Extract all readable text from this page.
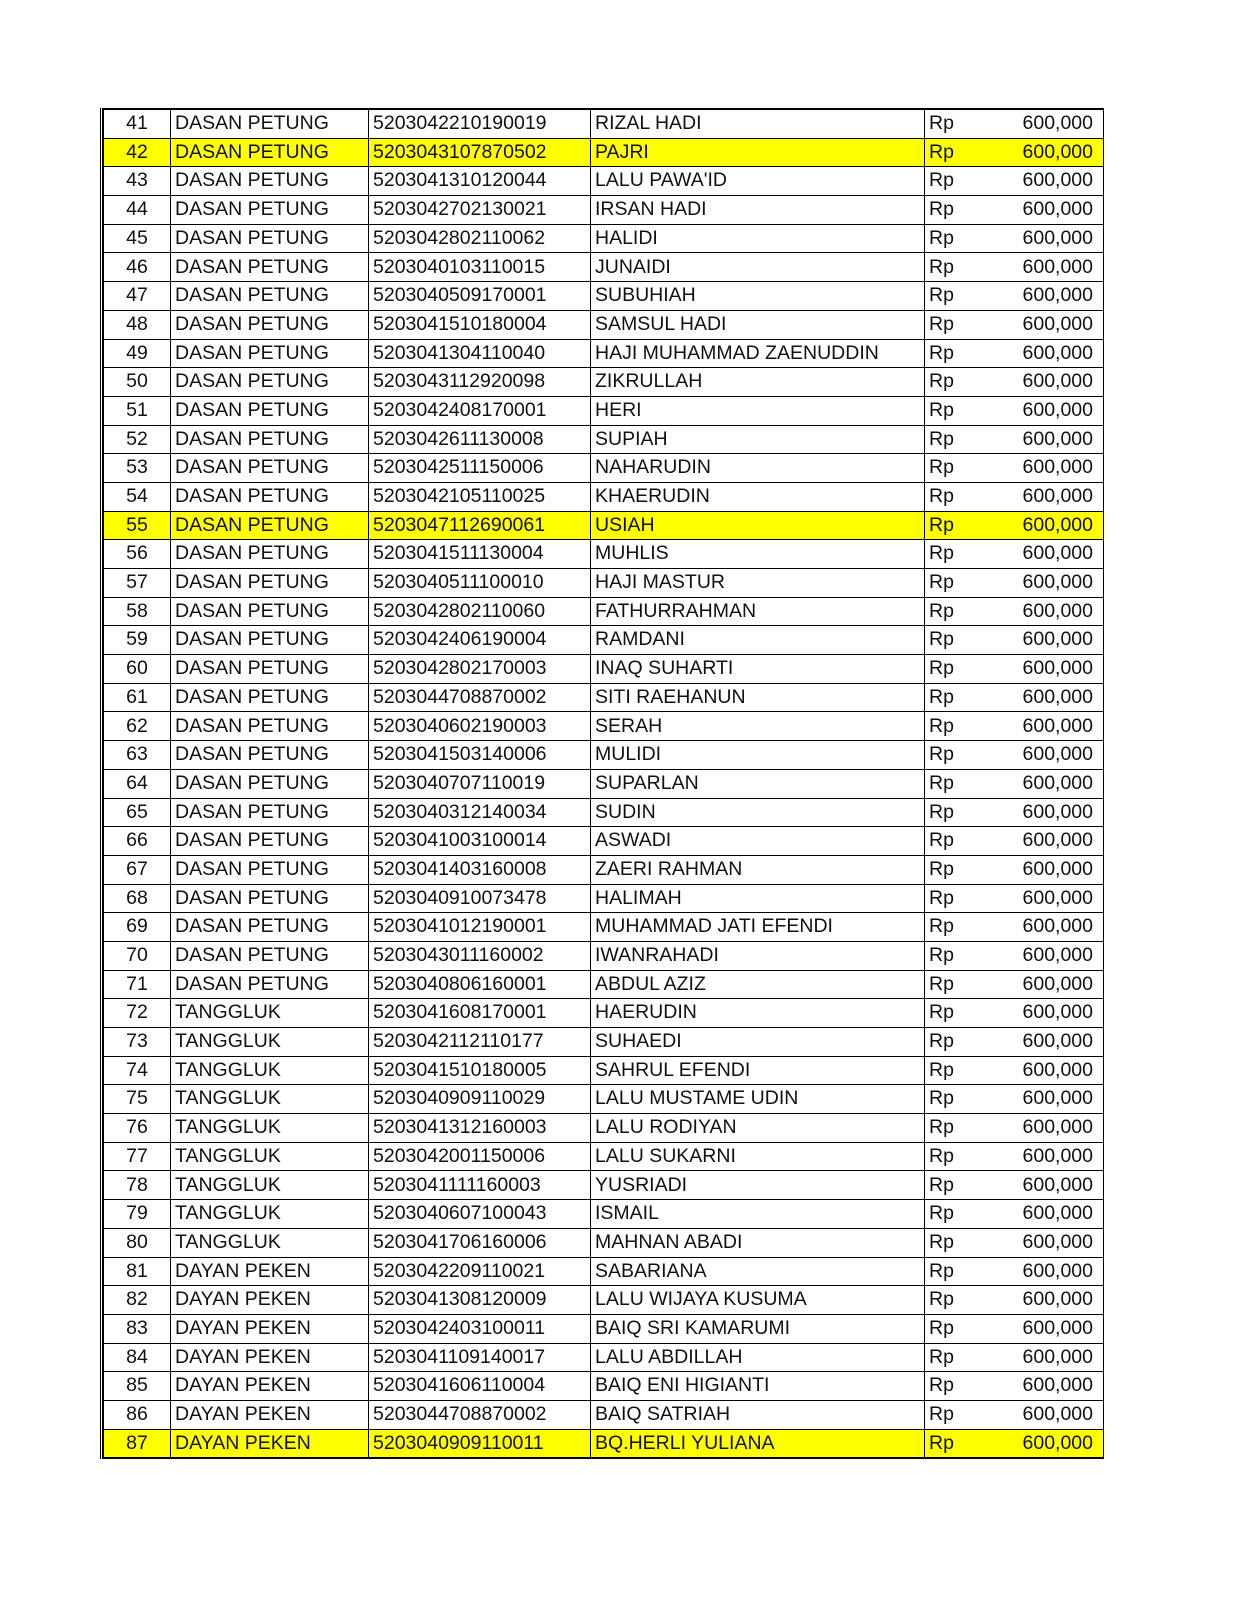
41	DASAN PETUNG	5203042210190019	RIZAL HADI	Rp	600,000
42	DASAN PETUNG	5203043107870502	PAJRI	Rp	600,000
43	DASAN PETUNG	5203041310120044	LALU PAWA'ID	Rp	600,000
44	DASAN PETUNG	5203042702130021	IRSAN HADI	Rp	600,000
45	DASAN PETUNG	5203042802110062	HALIDI	Rp	600,000
46	DASAN PETUNG	5203040103110015	JUNAIDI	Rp	600,000
47	DASAN PETUNG	5203040509170001	SUBUHIAH	Rp	600,000
48	DASAN PETUNG	5203041510180004	SAMSUL HADI	Rp	600,000
49	DASAN PETUNG	5203041304110040	HAJI MUHAMMAD ZAENUDDIN	Rp	600,000
50	DASAN PETUNG	5203043112920098	ZIKRULLAH	Rp	600,000
51	DASAN PETUNG	5203042408170001	HERI	Rp	600,000
52	DASAN PETUNG	5203042611130008	SUPIAH	Rp	600,000
53	DASAN PETUNG	5203042511150006	NAHARUDIN	Rp	600,000
54	DASAN PETUNG	5203042105110025	KHAERUDIN	Rp	600,000
55	DASAN PETUNG	5203047112690061	USIAH	Rp	600,000
56	DASAN PETUNG	5203041511130004	MUHLIS	Rp	600,000
57	DASAN PETUNG	5203040511100010	HAJI MASTUR	Rp	600,000
58	DASAN PETUNG	5203042802110060	FATHURRAHMAN	Rp	600,000
59	DASAN PETUNG	5203042406190004	RAMDANI	Rp	600,000
60	DASAN PETUNG	5203042802170003	INAQ SUHARTI	Rp	600,000
61	DASAN PETUNG	5203044708870002	SITI RAEHANUN	Rp	600,000
62	DASAN PETUNG	5203040602190003	SERAH	Rp	600,000
63	DASAN PETUNG	5203041503140006	MULIDI	Rp	600,000
64	DASAN PETUNG	5203040707110019	SUPARLAN	Rp	600,000
65	DASAN PETUNG	5203040312140034	SUDIN	Rp	600,000
66	DASAN PETUNG	5203041003100014	ASWADI	Rp	600,000
67	DASAN PETUNG	5203041403160008	ZAERI RAHMAN	Rp	600,000
68	DASAN PETUNG	5203040910073478	HALIMAH	Rp	600,000
69	DASAN PETUNG	5203041012190001	MUHAMMAD JATI EFENDI	Rp	600,000
70	DASAN PETUNG	5203043011160002	IWANRAHADI	Rp	600,000
71	DASAN PETUNG	5203040806160001	ABDUL AZIZ	Rp	600,000
72	TANGGLUK	5203041608170001	HAERUDIN	Rp	600,000
73	TANGGLUK	5203042112110177	SUHAEDI	Rp	600,000
74	TANGGLUK	5203041510180005	SAHRUL EFENDI	Rp	600,000
75	TANGGLUK	5203040909110029	LALU MUSTAME UDIN	Rp	600,000
76	TANGGLUK	5203041312160003	LALU RODIYAN	Rp	600,000
77	TANGGLUK	5203042001150006	LALU SUKARNI	Rp	600,000
78	TANGGLUK	5203041111160003	YUSRIADI	Rp	600,000
79	TANGGLUK	5203040607100043	ISMAIL	Rp	600,000
80	TANGGLUK	5203041706160006	MAHNAN ABADI	Rp	600,000
81	DAYAN PEKEN	5203042209110021	SABARIANA	Rp	600,000
82	DAYAN PEKEN	5203041308120009	LALU WIJAYA KUSUMA	Rp	600,000
83	DAYAN PEKEN	5203042403100011	BAIQ SRI KAMARUMI	Rp	600,000
84	DAYAN PEKEN	5203041109140017	LALU ABDILLAH	Rp	600,000
85	DAYAN PEKEN	5203041606110004	BAIQ ENI HIGIANTI	Rp	600,000
86	DAYAN PEKEN	5203044708870002	BAIQ SATRIAH	Rp	600,000
87	DAYAN PEKEN	5203040909110011	BQ.HERLI YULIANA	Rp	600,000
